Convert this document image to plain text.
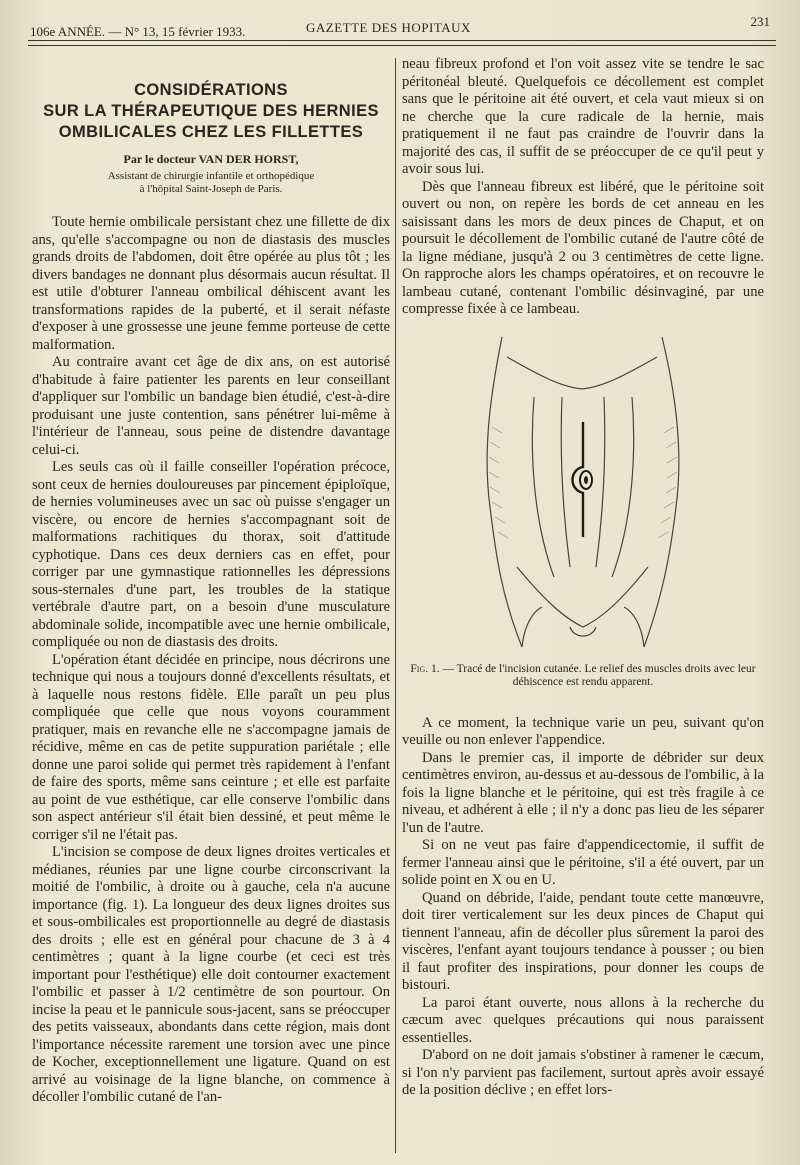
106e ANNÉE. — N° 13, 15 février 1933.	GAZETTE DES HOPITAUX	231
CONSIDÉRATIONS
SUR LA THÉRAPEUTIQUE DES HERNIES
OMBILICALES CHEZ LES FILLETTES
Par le docteur VAN DER HORST,
Assistant de chirurgie infantile et orthopédique
à l'hôpital Saint-Joseph de Paris.

Toute hernie ombilicale persistant chez une fillette de dix ans, qu'elle s'accompagne ou non de diastasis des muscles grands droits de l'abdomen, doit être opérée au plus tôt ; les divers bandages ne donnant plus désormais aucun résultat. Il est utile d'obturer l'anneau ombilical déhiscent avant les transformations rapides de la puberté, et il serait néfaste d'exposer à une grossesse une jeune femme porteuse de cette malformation.

Au contraire avant cet âge de dix ans, on est autorisé d'habitude à faire patienter les parents en leur conseillant d'appliquer sur l'ombilic un bandage bien étudié, c'est-à-dire produisant une juste contention, sans pénétrer lui-même à l'intérieur de l'anneau, sous peine de distendre davantage celui-ci.

Les seuls cas où il faille conseiller l'opération précoce, sont ceux de hernies douloureuses par pincement épiploïque, de hernies volumineuses avec un sac où puisse s'engager un viscère, ou encore de hernies s'accompagnant soit de malformations rachitiques du thorax, soit d'attitude cyphotique. Dans ces deux derniers cas en effet, pour corriger par une gymnastique rationnelles les dépressions sous-sternales d'une part, les troubles de la statique vertébrale d'autre part, on a besoin d'une musculature abdominale solide, incompatible avec une hernie ombilicale, compliquée ou non de diastasis des droits.

L'opération étant décidée en principe, nous décrirons une technique qui nous a toujours donné d'excellents résultats, et à laquelle nous restons fidèle. Elle paraît un peu plus compliquée que celle que nous voyons couramment pratiquer, mais en revanche elle ne s'accompagne jamais de récidive, même en cas de petite suppuration pariétale ; elle donne une paroi solide qui permet très rapidement à l'enfant de faire des sports, même sans ceinture ; et elle est parfaite au point de vue esthétique, car elle conserve l'ombilic dans son aspect antérieur s'il était bien dessiné, et peut même le corriger s'il ne l'était pas.

L'incision se compose de deux lignes droites verticales et médianes, réunies par une ligne courbe circonscrivant la moitié de l'ombilic, à droite ou à gauche, cela n'a aucune importance (fig. 1). La longueur des deux lignes droites sus et sous-ombilicales est proportionnelle au degré de diastasis des droits ; elle est en général pour chacune de 3 à 4 centimètres ; quant à la ligne courbe (et ceci est très important pour l'esthétique) elle doit contourner exactement l'ombilic et passer à 1/2 centimètre de son pourtour. On incise la peau et le pannicule sous-jacent, sans se préoccuper des petits vaisseaux, abondants dans cette région, mais dont l'importance nécessite rarement une torsion avec une pince de Kocher, exceptionnellement une ligature. Quand on est arrivé au voisinage de la ligne blanche, on commence à décoller l'ombilic cutané de l'an-

neau fibreux profond et l'on voit assez vite se tendre le sac péritonéal bleuté. Quelquefois ce décollement est complet sans que le péritoine ait été ouvert, et cela vaut mieux si on ne cherche que la cure radicale de la hernie, mais pratiquement il ne faut pas craindre de l'ouvrir dans la majorité des cas, il suffit de se préoccuper de ce qu'il peut y avoir sous lui.

Dès que l'anneau fibreux est libéré, que le péritoine soit ouvert ou non, on repère les bords de cet anneau en les saisissant dans les mors de deux pinces de Chaput, et on poursuit le décollement de l'ombilic cutané de l'autre côté de la ligne médiane, jusqu'à 2 ou 3 centimètres de cette ligne. On rapproche alors les champs opératoires, et on recouvre le lambeau cutané, contenant l'ombilic désinvaginé, par une compresse fixée à ce lambeau.

Fig. 1. — Tracé de l'incision cutanée. Le relief des muscles droits avec leur déhiscence est rendu apparent.

A ce moment, la technique varie un peu, suivant qu'on veuille ou non enlever l'appendice.

Dans le premier cas, il importe de débrider sur deux centimètres environ, au-dessus et au-dessous de l'ombilic, à la fois la ligne blanche et le péritoine, qui est très fragile à ce niveau, et adhérent à elle ; il n'y a donc pas lieu de les séparer l'un de l'autre.

Si on ne veut pas faire d'appendicectomie, il suffit de fermer l'anneau ainsi que le péritoine, s'il a été ouvert, par un solide point en X ou en U.

Quand on débride, l'aide, pendant toute cette manœuvre, doit tirer verticalement sur les deux pinces de Chaput qui tiennent l'anneau, afin de décoller plus sûrement la paroi des viscères, l'enfant ayant toujours tendance à pousser ; ou bien il faut profiter des inspirations, pour donner les coups de bistouri.

La paroi étant ouverte, nous allons à la recherche du cæcum avec quelques précautions qui nous paraissent essentielles.

D'abord on ne doit jamais s'obstiner à ramener le cæcum, si l'on n'y parvient pas facilement, surtout après avoir essayé de la position déclive ; en effet lors-
